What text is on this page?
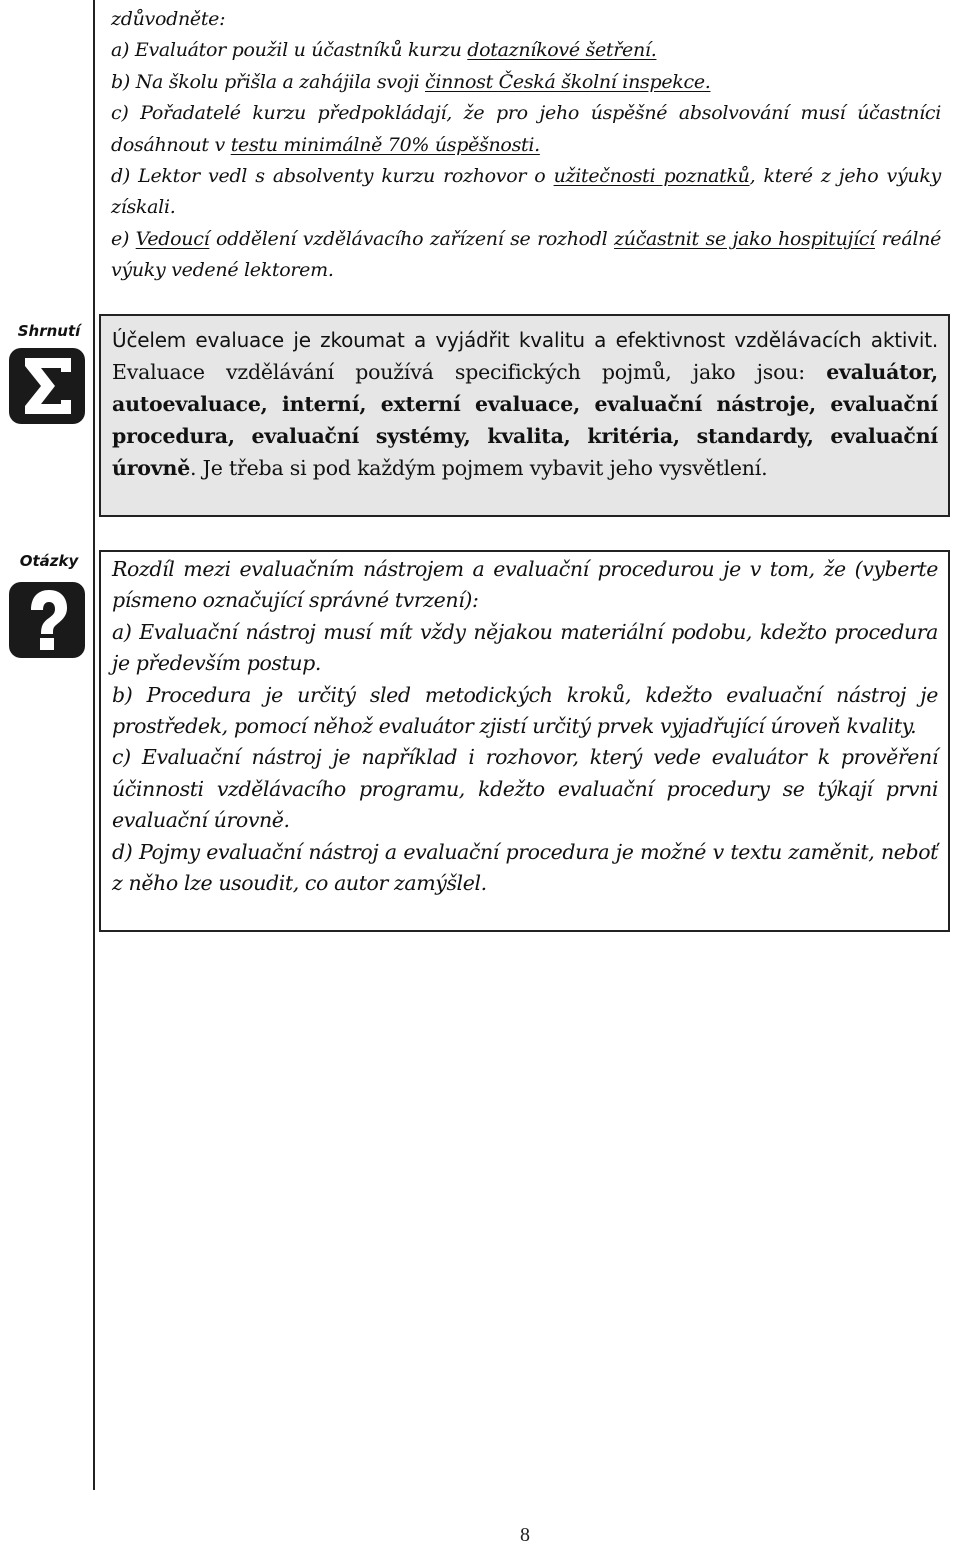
zdůvodněte:

a) Evaluátor použil u účastníků kurzu dotazníkové šetření.

b) Na školu přišla a zahájila svoji činnost Česká školní inspekce.

c) Pořadatelé kurzu předpokládají, že pro jeho úspěšné absolvování musí účastníci dosáhnout v testu minimálně 70% úspěšnosti.

d) Lektor vedl s absolventy kurzu rozhovor o užitečnosti poznatků, které z jeho výuky získali.

e) Vedoucí oddělení vzdělávacího zařízení se rozhodl zúčastnit se jako hospitující reálné výuky vedené lektorem.

Shrnutí Účelem evaluace je zkoumat a vyjádřit kvalitu a efektivnost vzdělávacích aktivit. Evaluace vzdělávání používá specifických pojmů, jako jsou: evaluátor, autoevaluace, interní, externí evaluace, evaluační nástroje, evaluační procedura, evaluační systémy, kvalita, kritéria, standardy, evaluační úrovně. Je třeba si pod každým pojmem vybavit jeho vysvětlení.

Otázky Rozdíl mezi evaluačním nástrojem a evaluační procedurou je v tom, že (vyberte písmeno označující správné tvrzení):

a) Evaluační nástroj musí mít vždy nějakou materiální podobu, kdežto procedura je především postup.

b) Procedura je určitý sled metodických kroků, kdežto evaluační nástroj je prostředek, pomocí něhož evaluátor zjistí určitý prvek vyjadřující úroveň kvality.

c) Evaluační nástroj je například i rozhovor, který vede evaluátor k prověření účinnosti vzdělávacího programu, kdežto evaluační procedury se týkají prvni evaluační úrovně.

d) Pojmy evaluační nástroj a evaluační procedura je možné v textu zaměnit, neboť z něho lze usoudit, co autor zamýšlel.

8
